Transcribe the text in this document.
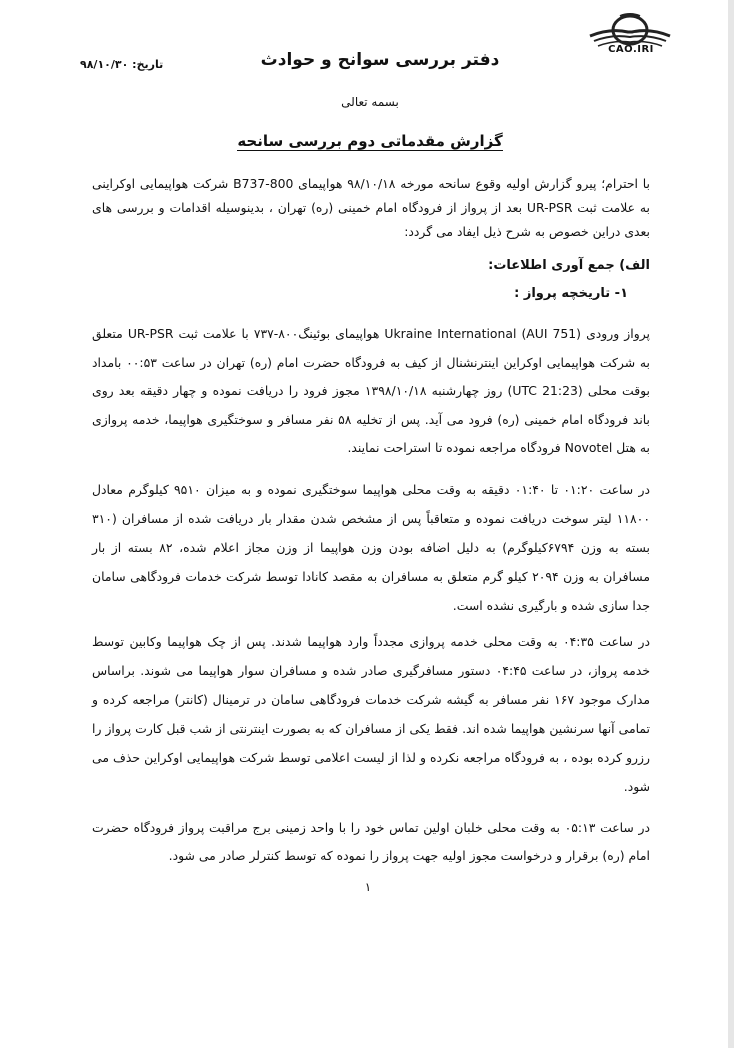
CAO.IRI
دفتر بررسی سوانح و حوادث
تاریخ: ۹۸/۱۰/۳۰
بسمه تعالی
گزارش مقدماتی دوم بررسی سانحه
با احترام؛ پیرو گزارش اولیه وقوع سانحه مورخه ۹۸/۱۰/۱۸ هواپیمای B737-800 شرکت هواپیمایی اوکراینی به علامت ثبت UR-PSR بعد از پرواز از فرودگاه امام خمینی (ره) تهران ، بدینوسیله اقدامات و بررسی های بعدی دراین خصوص به شرح ذیل ایفاد می گردد:
الف) جمع آوری اطلاعات:
۱- تاریخچه پرواز :
پرواز ورودی Ukraine International (AUI 751) هواپیمای بوئینگ۸۰۰-۷۳۷ با علامت ثبت UR-PSR متعلق به شرکت هواپیمایی اوکراین اینترنشنال از کیف به فرودگاه حضرت امام (ره) تهران در ساعت ۰۰:۵۳ بامداد بوقت محلی (21:23 UTC) روز چهارشنبه ۱۳۹۸/۱۰/۱۸ مجوز فرود را دریافت نموده و چهار دقیقه بعد روی باند فرودگاه امام خمینی (ره) فرود می آید. پس از تخلیه ۵۸ نفر مسافر و سوختگیری هواپیما، خدمه پروازی به هتل Novotel فرودگاه مراجعه نموده تا استراحت نمایند.
در ساعت ۰۱:۲۰ تا ۰۱:۴۰ دقیقه به وقت محلی هواپیما سوختگیری نموده و به میزان ۹۵۱۰ کیلوگرم معادل ۱۱۸۰۰ لیتر سوخت دریافت نموده و متعاقباً پس از مشخص شدن مقدار بار دریافت شده از مسافران (۳۱۰ بسته به وزن ۶۷۹۴کیلوگرم) به دلیل اضافه بودن وزن هواپیما از وزن مجاز اعلام شده، ۸۲ بسته از بار مسافران به وزن ۲۰۹۴ کیلو گرم متعلق به مسافران به مقصد کانادا توسط شرکت خدمات فرودگاهی سامان جدا سازی شده و بارگیری نشده است.
در ساعت ۰۴:۳۵ به وقت محلی خدمه پروازی مجدداً وارد هواپیما شدند. پس از چک هواپیما وکابین توسط خدمه پرواز، در ساعت ۰۴:۴۵ دستور مسافرگیری صادر شده و مسافران سوار هواپیما می شوند. براساس مدارک موجود ۱۶۷ نفر مسافر به گیشه شرکت خدمات فرودگاهی سامان در ترمینال (کانتر) مراجعه کرده و تمامی آنها سرنشین هواپیما شده اند. فقط یکی از مسافران که به بصورت اینترنتی از شب قبل کارت پرواز را رزرو کرده بوده ، به فرودگاه مراجعه نکرده و لذا از لیست اعلامی توسط شرکت هواپیمایی اوکراین حذف می شود.
در ساعت ۰۵:۱۳ به وقت محلی خلبان اولین تماس خود را با واحد زمینی برج مراقبت پرواز فرودگاه حضرت امام (ره) برقرار و درخواست مجوز اولیه جهت پرواز را نموده که توسط کنترلر صادر می شود.
۱
